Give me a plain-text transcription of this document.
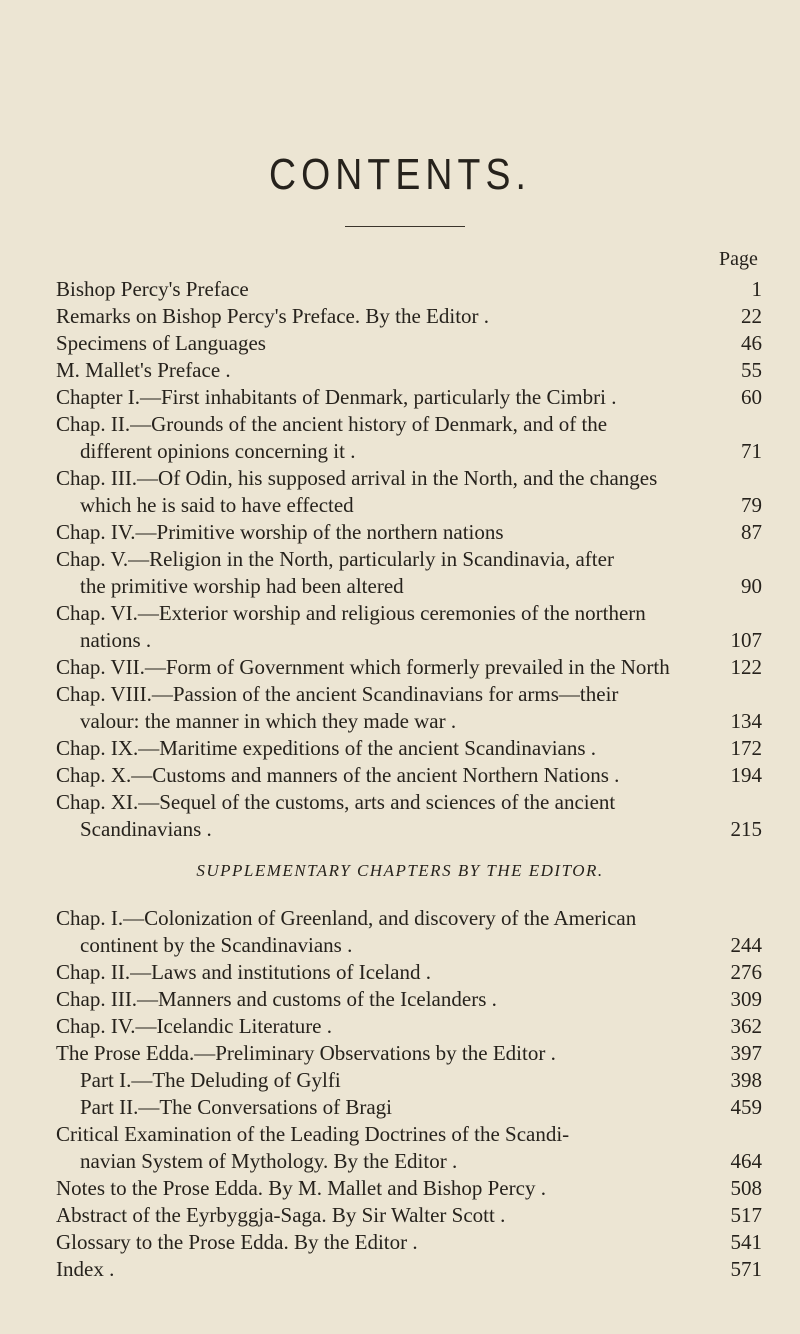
CONTENTS.
Page
Bishop Percy's Preface	1
Remarks on Bishop Percy's Preface. By the Editor .	22
Specimens of Languages	46
M. Mallet's Preface .	55
Chapter I.—First inhabitants of Denmark, particularly the Cimbri .	60
Chap. II.—Grounds of the ancient history of Denmark, and of the
different opinions concerning it .	71
Chap. III.—Of Odin, his supposed arrival in the North, and the changes
which he is said to have effected	79
Chap. IV.—Primitive worship of the northern nations	87
Chap. V.—Religion in the North, particularly in Scandinavia, after
the primitive worship had been altered	90
Chap. VI.—Exterior worship and religious ceremonies of the northern
nations .	107
Chap. VII.—Form of Government which formerly prevailed in the North	122
Chap. VIII.—Passion of the ancient Scandinavians for arms—their
valour: the manner in which they made war .	134
Chap. IX.—Maritime expeditions of the ancient Scandinavians .	172
Chap. X.—Customs and manners of the ancient Northern Nations .	194
Chap. XI.—Sequel of the customs, arts and sciences of the ancient
Scandinavians .	215
SUPPLEMENTARY CHAPTERS BY THE EDITOR.
Chap. I.—Colonization of Greenland, and discovery of the American
continent by the Scandinavians .	244
Chap. II.—Laws and institutions of Iceland .	276
Chap. III.—Manners and customs of the Icelanders .	309
Chap. IV.—Icelandic Literature .	362
The Prose Edda.—Preliminary Observations by the Editor .	397
Part I.—The Deluding of Gylfi	398
Part II.—The Conversations of Bragi	459
Critical Examination of the Leading Doctrines of the Scandi-
navian System of Mythology. By the Editor .	464
Notes to the Prose Edda. By M. Mallet and Bishop Percy .	508
Abstract of the Eyrbyggja-Saga. By Sir Walter Scott .	517
Glossary to the Prose Edda. By the Editor .	541
Index .	571
